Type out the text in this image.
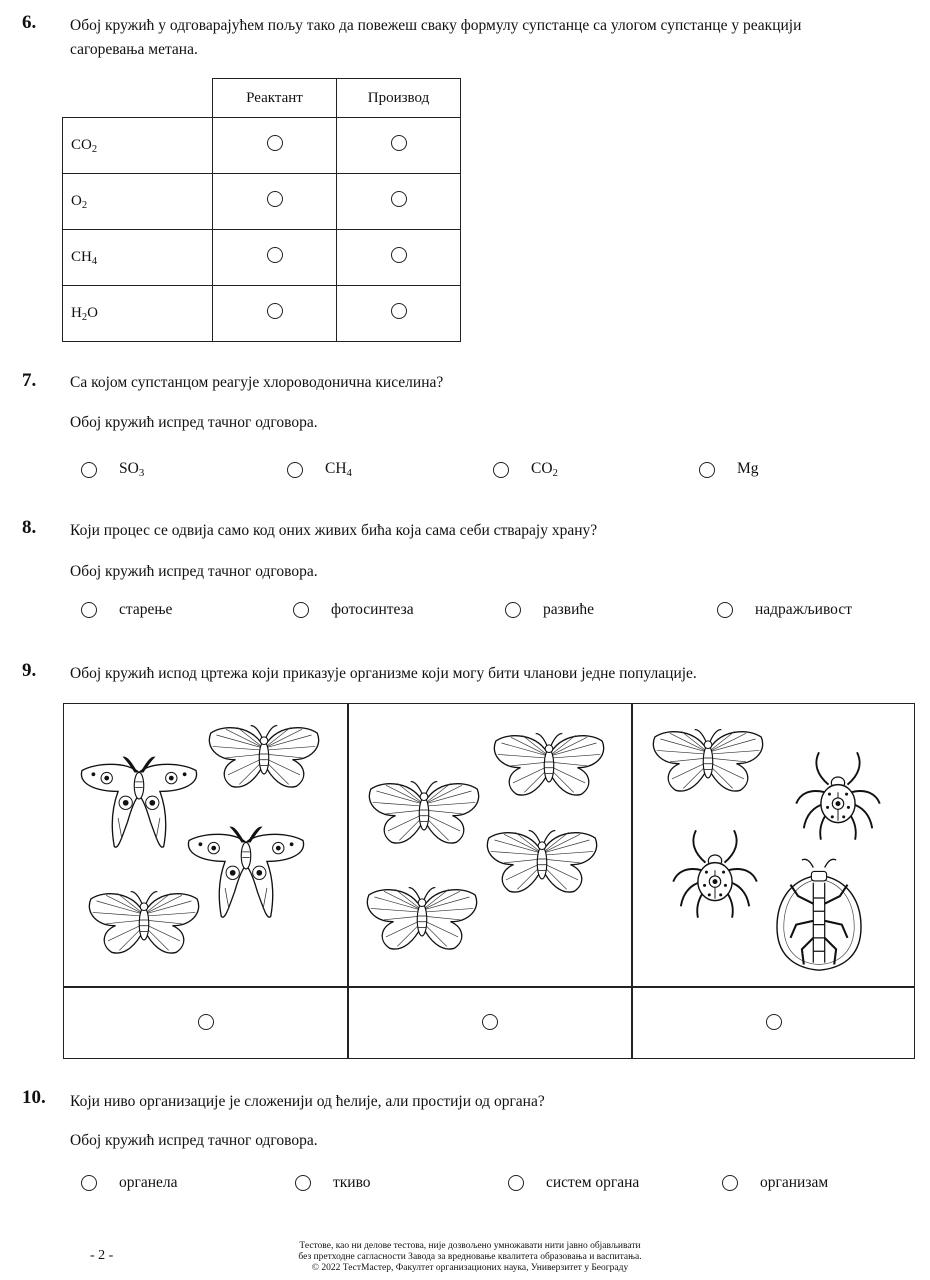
6. Обој кружић у одговарајућем пољу тако да повежеш сваку формулу супстанце са улогом супстанце у реакцији
сагоревања метана.
	Реактант	Производ
$CO_2$		
$O_2$		
$CH_4$		
$H_2O$		
7. Са којом супстанцом реагује хлороводонична киселина?
Обој кружић испред тачног одговора.
$SO_3$	$CH_4$	$CO_2$	Mg
8. Који процес се одвија само код оних живих бића која сама себи стварају храну?
Обој кружић испред тачног одговора.
старење	фотосинтеза	развиће	надражљивост
9. Обој кружић испод цртежа који приказује организме који могу бити чланови једне популације.
10. Који ниво организације је сложенији од ћелије, али простији од органа?
Обој кружић испред тачног одговора.
органела	ткиво	систем органа	организам
- 2 -
Тестове, као ни делове тестова, није дозвољено умножавати нити јавно објављивати
без претходне сагласности Завода за вредновање квалитета образовања и васпитања.
© 2022 ТестМастер, Факултет организационих наука, Универзитет у Београду
